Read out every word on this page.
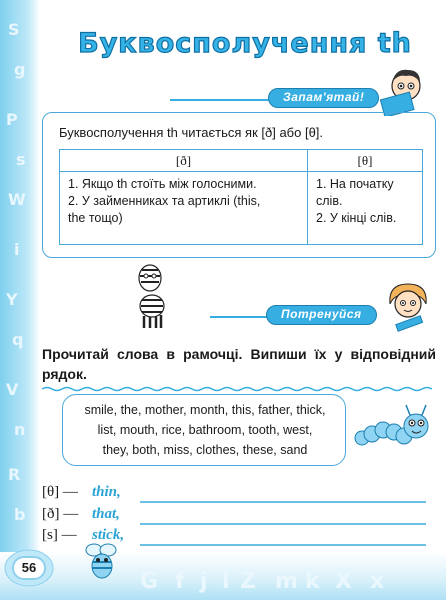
S
g
P
s
W
i
Y
q
V
n
R
b
G f j l Z m k X x
Буквосполучення th
Запам'ятай!
Буквосполучення th читається як [ð] або [θ].
[ð]
1. Якщо th стоїть між голосними.
2. У займенниках та артиклі (this,
the тощо)
[θ]
1. На початку слів.
2. У кінці слів.
Потренуйся
Прочитай слова в рамочці. Випиши їх у відповідний рядок.
smile, the, mother, month, this, father, thick,
list, mouth, rice, bathroom, tooth, west,
they, both, miss, clothes, these, sand
[θ] — thin,
[ð] — that,
[s] — stick,
56
